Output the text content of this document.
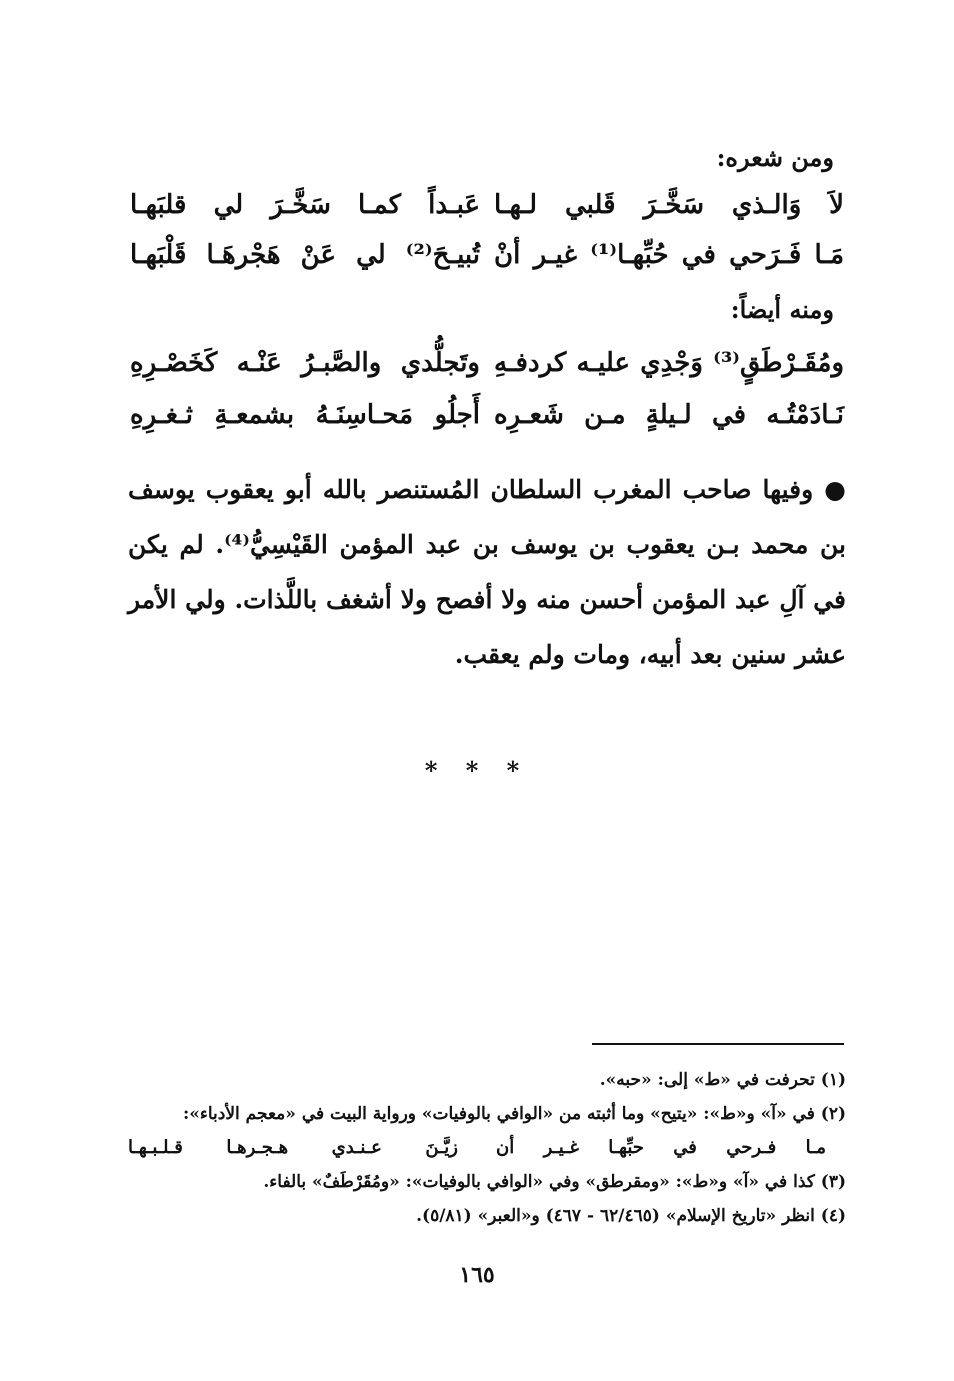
ومن شعره:
لاَ وَالـذي سَخَّـرَ قَلبي لـهـا
عَبـداً كمـا سَخَّـرَ لي قلبَهـا
مَـا فَـرَحي في حُبِّهـا⁽¹⁾ غيـر أنْ
تُبيـحَ⁽²⁾ لي عَنْ هَجْرهَـا قَلْبَهـا
ومنه أيضاً:
ومُقَـرْطَقٍ⁽³⁾ وَجْدِي عليـه كردفـهِ
وتَجلُّدي والصَّبـرُ عَنْـه كَخَصْـرِهِ
نَـادَمْتُـه في لـيلةٍ مـن شَعـرِه
أَجلُو مَحـاسِنَـهُ بشمعـةِ ثـغـرِهِ
● وفيها صاحب المغرب السلطان المُستنصر بالله أبو يعقوب يوسف بن محمد بـن يعقوب بن يوسف بن عبد المؤمن القَيْسِيُّ⁽⁴⁾. لم يكن في آلِ عبد المؤمن أحسن منه ولا أفصح ولا أشغف باللَّذات. ولي الأمر عشر سنين بعد أبيه، ومات ولم يعقب.
* * *
(١) تحرفت في «ط» إلى: «حبه».
(٢) في «آ» و«ط»: «يتيح» وما أثبته من «الوافي بالوفيات» ورواية البيت في «معجم الأدباء»:
مـا فـرحي في حبِّهـا غـيـر أن
زيَّـنَ عـنـدي هـجـرهـا قـلـبـهـا
(٣) كذا في «آ» و«ط»: «ومقرطق» وفي «الوافي بالوفيات»: «ومُقَرْطَفٌ» بالفاء.
(٤) انظر «تاريخ الإسلام» (٦٢/٤٦٥ - ٤٦٧) و«العبر» (٥/٨١).
١٦٥
